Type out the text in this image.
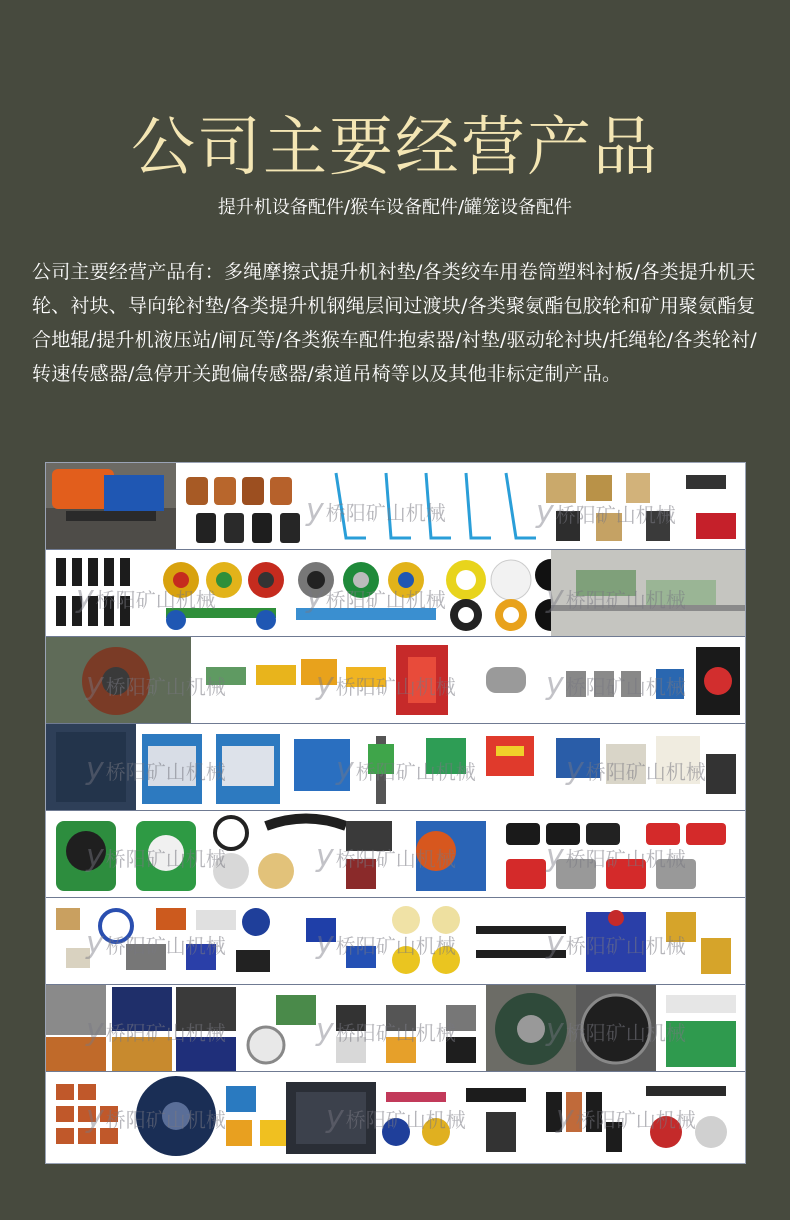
公司主要经营产品
提升机设备配件/猴车设备配件/罐笼设备配件

公司主要经营产品有：多绳摩擦式提升机衬垫/各类绞车用卷筒塑料衬板/各类提升机天轮、衬块、导向轮衬垫/各类提升机钢绳层间过渡块/各类聚氨酯包胶轮和矿用聚氨酯复合地辊/提升机液压站/闸瓦等/各类猴车配件抱索器/衬垫/驱动轮衬块/托绳轮/各类轮衬/转速传感器/急停开关跑偏传感器/索道吊椅等以及其他非标定制产品。

y桥阳矿山机械	y桥阳矿山机械
y桥阳矿山机械	y桥阳矿山机械	y桥阳矿山机械
y桥阳矿山机械	y桥阳矿山机械	y桥阳矿山机械
y桥阳矿山机械	y桥阳矿山机械	y桥阳矿山机械
y桥阳矿山机械	y桥阳矿山机械	y桥阳矿山机械
y桥阳矿山机械	y桥阳矿山机械	y桥阳矿山机械
y桥阳矿山机械	y桥阳矿山机械	y桥阳矿山机械
y桥阳矿山机械	y桥阳矿山机械	y桥阳矿山机械
